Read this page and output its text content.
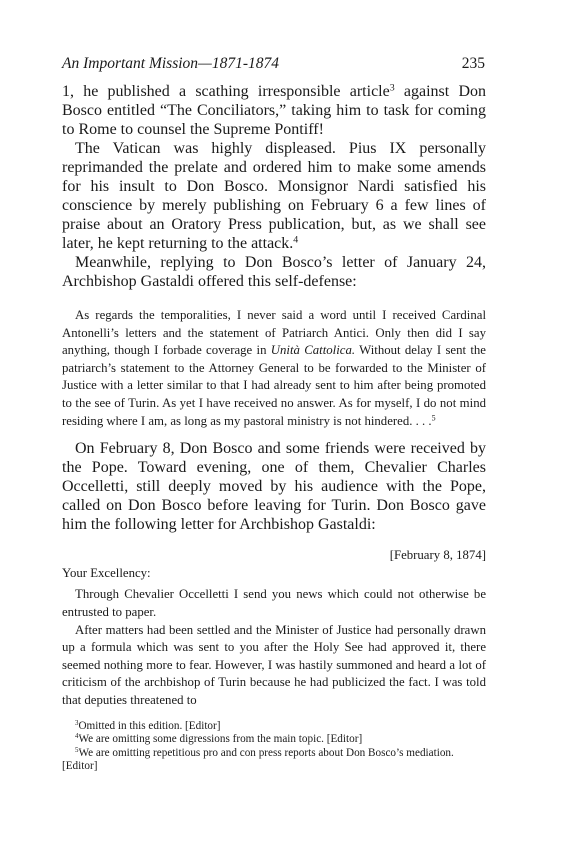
An Important Mission—1871-1874	235

1, he published a scathing irresponsible article$^3$ against Don Bosco entitled “The Conciliators,” taking him to task for coming to Rome to counsel the Supreme Pontiff!

The Vatican was highly displeased. Pius IX personally reprimanded the prelate and ordered him to make some amends for his insult to Don Bosco. Monsignor Nardi satisfied his conscience by merely publishing on February 6 a few lines of praise about an Oratory Press publication, but, as we shall see later, he kept returning to the attack.$^4$

Meanwhile, replying to Don Bosco’s letter of January 24, Archbishop Gastaldi offered this self-defense:

As regards the temporalities, I never said a word until I received Cardinal Antonelli’s letters and the statement of Patriarch Antici. Only then did I say anything, though I forbade coverage in Unità Cattolica. Without delay I sent the patriarch’s statement to the Attorney General to be forwarded to the Minister of Justice with a letter similar to that I had already sent to him after being promoted to the see of Turin. As yet I have received no answer. As for myself, I do not mind residing where I am, as long as my pastoral ministry is not hindered. . . .$^5$

On February 8, Don Bosco and some friends were received by the Pope. Toward evening, one of them, Chevalier Charles Occelletti, still deeply moved by his audience with the Pope, called on Don Bosco before leaving for Turin. Don Bosco gave him the following letter for Archbishop Gastaldi:

[February 8, 1874]

Your Excellency:

Through Chevalier Occelletti I send you news which could not otherwise be entrusted to paper.

After matters had been settled and the Minister of Justice had personally drawn up a formula which was sent to you after the Holy See had approved it, there seemed nothing more to fear. However, I was hastily summoned and heard a lot of criticism of the archbishop of Turin because he had publicized the fact. I was told that deputies threatened to

$^3$Omitted in this edition. [Editor]

$^4$We are omitting some digressions from the main topic. [Editor]

$^5$We are omitting repetitious pro and con press reports about Don Bosco’s mediation.

[Editor]
